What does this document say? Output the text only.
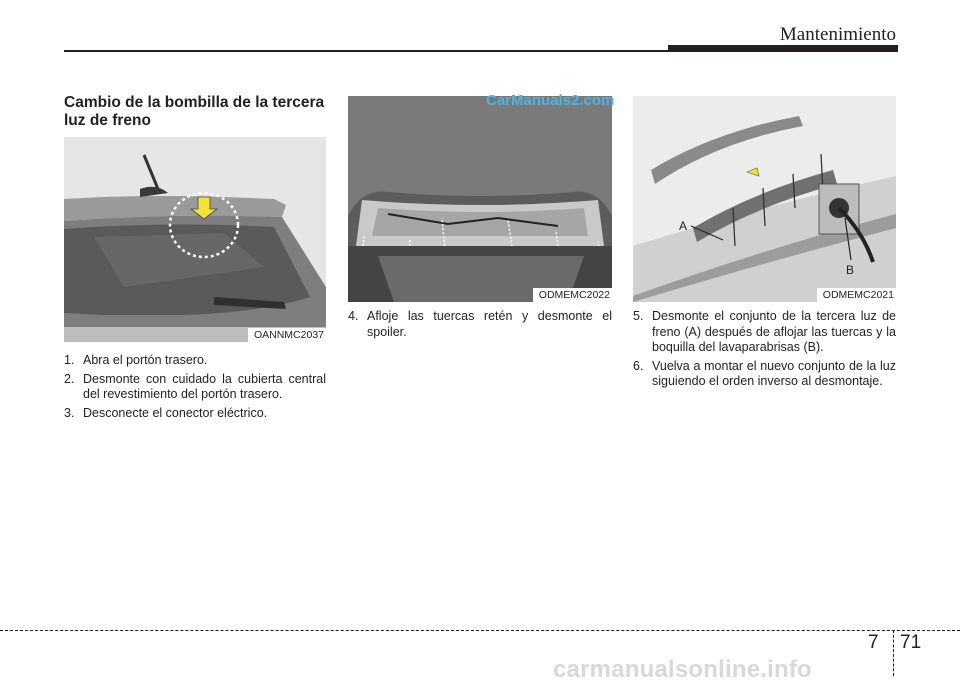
Mantenimiento
Cambio de la bombilla de la tercera luz de freno
OANNMC2037
ODMEMC2022
A
B
ODMEMC2021
1. Abra el portón trasero.
2. Desmonte con cuidado la cubierta central del revestimiento del portón trasero.
3. Desconecte el conector eléctrico.
4. Afloje las tuercas retén y desmonte el spoiler.
5. Desmonte el conjunto de la tercera luz de freno (A) después de aflojar las tuercas y la boquilla del lavaparabrisas (B).
6. Vuelva a montar el nuevo conjunto de la luz siguiendo el orden inverso al desmontaje.
CarManuals2.com
7 71
carmanualsonline.info
